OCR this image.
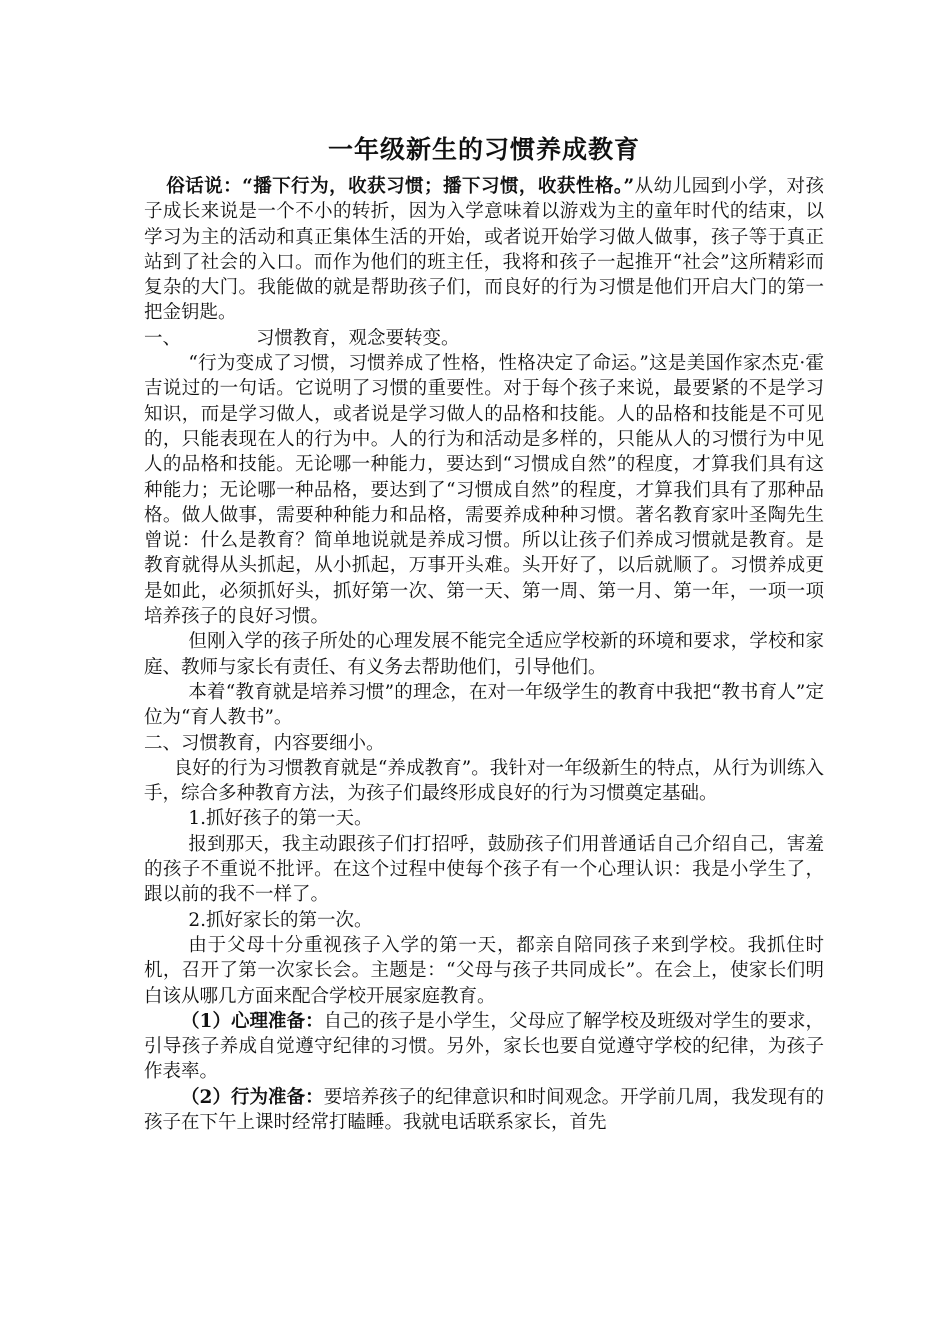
一年级新生的习惯养成教育

俗话说：“播下行为，收获习惯；播下习惯，收获性格。”从幼儿园到小学，对孩子成长来说是一个不小的转折，因为入学意味着以游戏为主的童年时代的结束，以学习为主的活动和真正集体生活的开始，或者说开始学习做人做事，孩子等于真正站到了社会的入口。而作为他们的班主任，我将和孩子一起推开“社会”这所精彩而复杂的大门。我能做的就是帮助孩子们，而良好的行为习惯是他们开启大门的第一把金钥匙。

一、	习惯教育，观念要转变。

“行为变成了习惯，习惯养成了性格，性格决定了命运。”这是美国作家杰克·霍吉说过的一句话。它说明了习惯的重要性。对于每个孩子来说，最要紧的不是学习知识，而是学习做人，或者说是学习做人的品格和技能。人的品格和技能是不可见的，只能表现在人的行为中。人的行为和活动是多样的，只能从人的习惯行为中见人的品格和技能。无论哪一种能力，要达到“习惯成自然”的程度，才算我们具有这种能力；无论哪一种品格，要达到了“习惯成自然”的程度，才算我们具有了那种品格。做人做事，需要种种能力和品格，需要养成种种习惯。著名教育家叶圣陶先生曾说：什么是教育？简单地说就是养成习惯。所以让孩子们养成习惯就是教育。是教育就得从头抓起，从小抓起，万事开头难。头开好了，以后就顺了。习惯养成更是如此，必须抓好头，抓好第一次、第一天、第一周、第一月、第一年，一项一项培养孩子的良好习惯。

但刚入学的孩子所处的心理发展不能完全适应学校新的环境和要求，学校和家庭、教师与家长有责任、有义务去帮助他们，引导他们。

本着“教育就是培养习惯”的理念，在对一年级学生的教育中我把“教书育人”定位为“育人教书”。

二、习惯教育，内容要细小。

良好的行为习惯教育就是“养成教育”。我针对一年级新生的特点，从行为训练入手，综合多种教育方法，为孩子们最终形成良好的行为习惯奠定基础。

1.抓好孩子的第一天。

报到那天，我主动跟孩子们打招呼，鼓励孩子们用普通话自己介绍自己，害羞的孩子不重说不批评。在这个过程中使每个孩子有一个心理认识：我是小学生了，跟以前的我不一样了。

2.抓好家长的第一次。

由于父母十分重视孩子入学的第一天，都亲自陪同孩子来到学校。我抓住时机，召开了第一次家长会。主题是：“父母与孩子共同成长”。在会上，使家长们明白该从哪几方面来配合学校开展家庭教育。

（1）心理准备：自己的孩子是小学生，父母应了解学校及班级对学生的要求，引导孩子养成自觉遵守纪律的习惯。另外，家长也要自觉遵守学校的纪律，为孩子作表率。

（2）行为准备：要培养孩子的纪律意识和时间观念。开学前几周，我发现有的孩子在下午上课时经常打瞌睡。我就电话联系家长，首先
